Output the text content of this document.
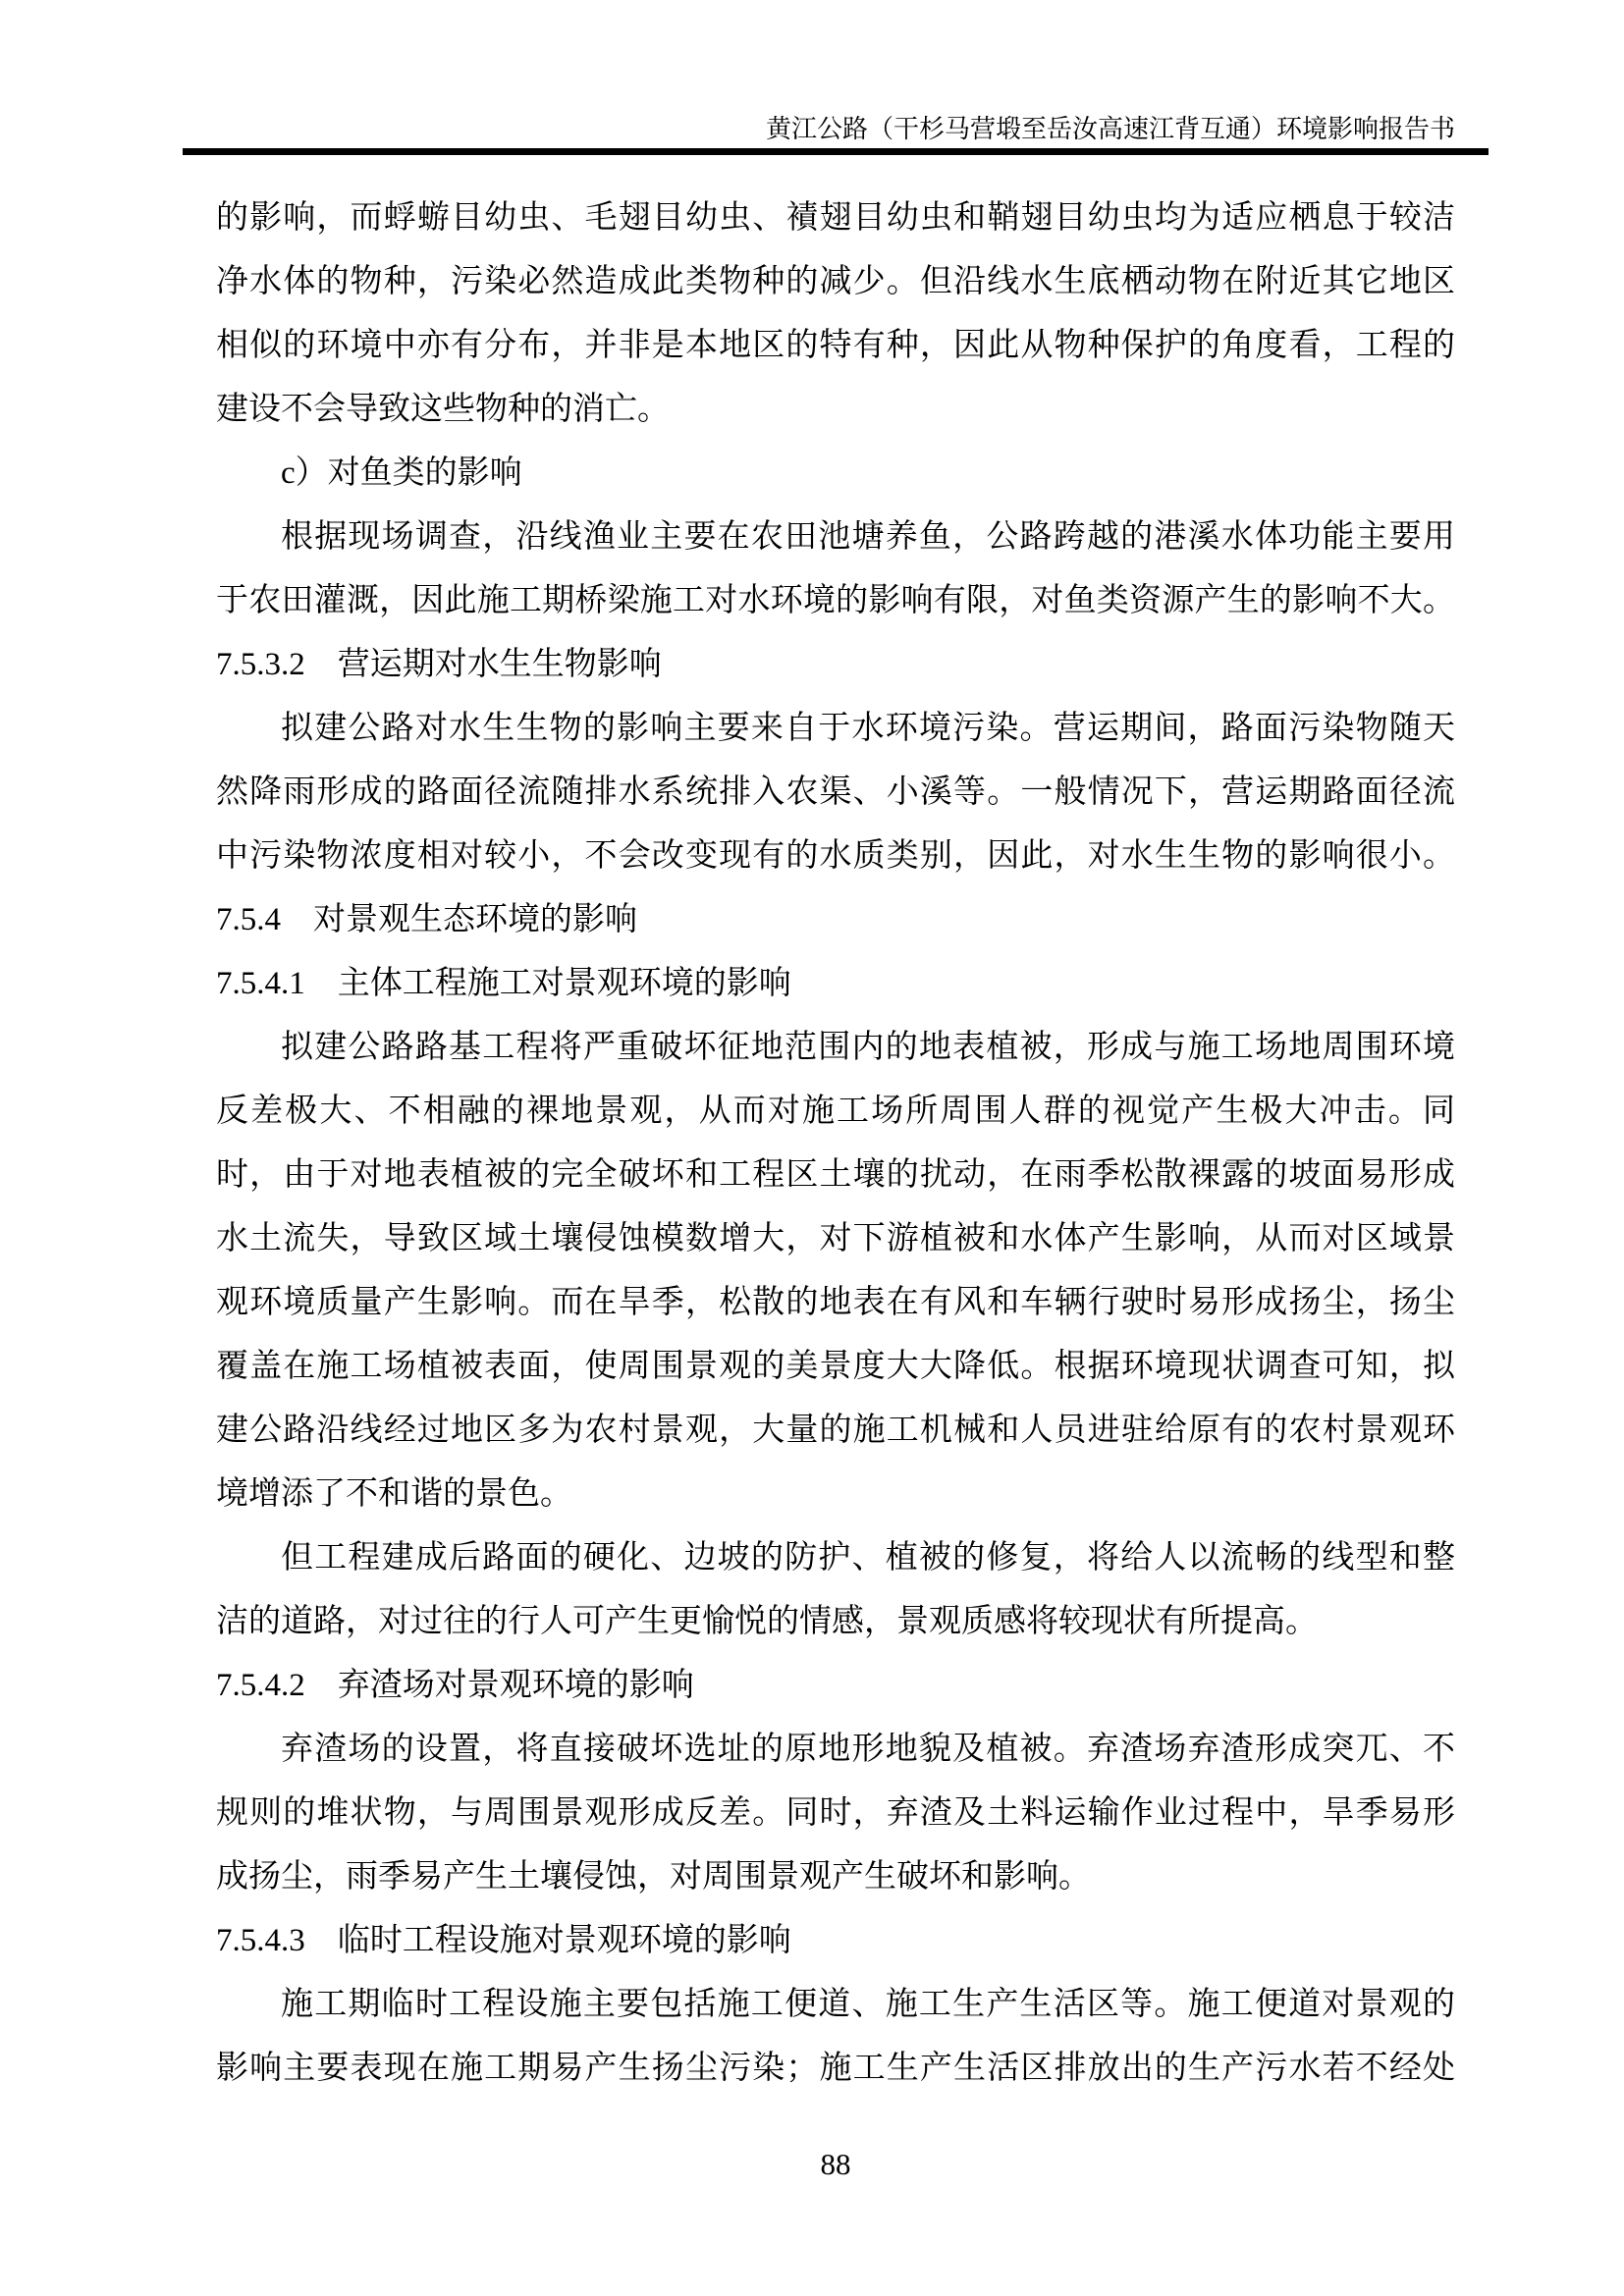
黄江公路（干杉马营塅至岳汝高速江背互通）环境影响报告书
的影响，而蜉蝣目幼虫、毛翅目幼虫、襀翅目幼虫和鞘翅目幼虫均为适应栖息于较洁
净水体的物种，污染必然造成此类物种的减少。但沿线水生底栖动物在附近其它地区
相似的环境中亦有分布，并非是本地区的特有种，因此从物种保护的角度看，工程的
建设不会导致这些物种的消亡。
c）对鱼类的影响
根据现场调查，沿线渔业主要在农田池塘养鱼，公路跨越的港溪水体功能主要用
于农田灌溉，因此施工期桥梁施工对水环境的影响有限，对鱼类资源产生的影响不大。
7.5.3.2　营运期对水生生物影响
拟建公路对水生生物的影响主要来自于水环境污染。营运期间，路面污染物随天
然降雨形成的路面径流随排水系统排入农渠、小溪等。一般情况下，营运期路面径流
中污染物浓度相对较小，不会改变现有的水质类别，因此，对水生生物的影响很小。
7.5.4　对景观生态环境的影响
7.5.4.1　主体工程施工对景观环境的影响
拟建公路路基工程将严重破坏征地范围内的地表植被，形成与施工场地周围环境
反差极大、不相融的裸地景观，从而对施工场所周围人群的视觉产生极大冲击。同
时，由于对地表植被的完全破坏和工程区土壤的扰动，在雨季松散裸露的坡面易形成
水土流失，导致区域土壤侵蚀模数增大，对下游植被和水体产生影响，从而对区域景
观环境质量产生影响。而在旱季，松散的地表在有风和车辆行驶时易形成扬尘，扬尘
覆盖在施工场植被表面，使周围景观的美景度大大降低。根据环境现状调查可知，拟
建公路沿线经过地区多为农村景观，大量的施工机械和人员进驻给原有的农村景观环
境增添了不和谐的景色。
但工程建成后路面的硬化、边坡的防护、植被的修复，将给人以流畅的线型和整
洁的道路，对过往的行人可产生更愉悦的情感，景观质感将较现状有所提高。
7.5.4.2　弃渣场对景观环境的影响
弃渣场的设置，将直接破坏选址的原地形地貌及植被。弃渣场弃渣形成突兀、不
规则的堆状物，与周围景观形成反差。同时，弃渣及土料运输作业过程中，旱季易形
成扬尘，雨季易产生土壤侵蚀，对周围景观产生破坏和影响。
7.5.4.3　临时工程设施对景观环境的影响
施工期临时工程设施主要包括施工便道、施工生产生活区等。施工便道对景观的
影响主要表现在施工期易产生扬尘污染；施工生产生活区排放出的生产污水若不经处
88
